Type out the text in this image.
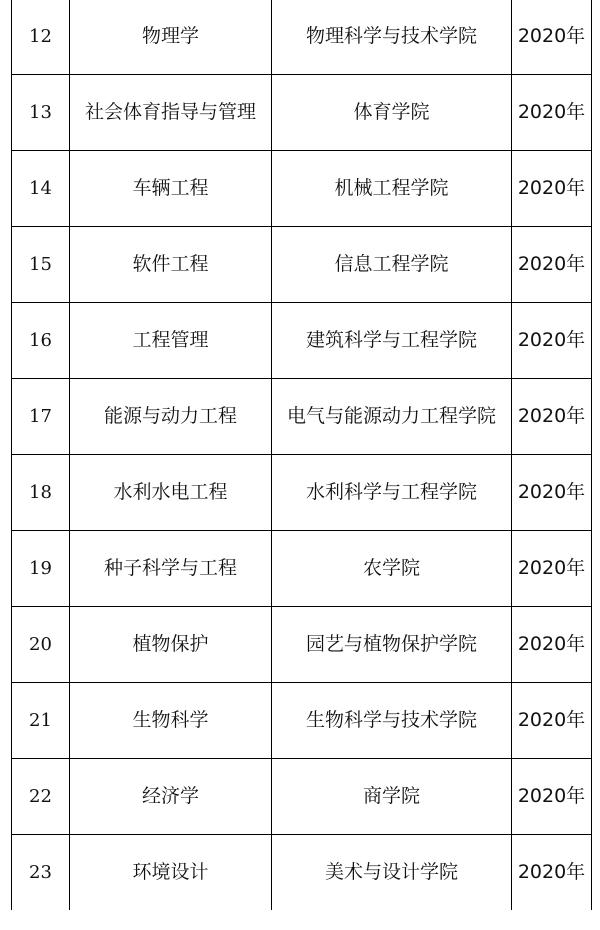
12	物理学	物理科学与技术学院	2020年
13	社会体育指导与管理	体育学院	2020年
14	车辆工程	机械工程学院	2020年
15	软件工程	信息工程学院	2020年
16	工程管理	建筑科学与工程学院	2020年
17	能源与动力工程	电气与能源动力工程学院	2020年
18	水利水电工程	水利科学与工程学院	2020年
19	种子科学与工程	农学院	2020年
20	植物保护	园艺与植物保护学院	2020年
21	生物科学	生物科学与技术学院	2020年
22	经济学	商学院	2020年
23	环境设计	美术与设计学院	2020年
